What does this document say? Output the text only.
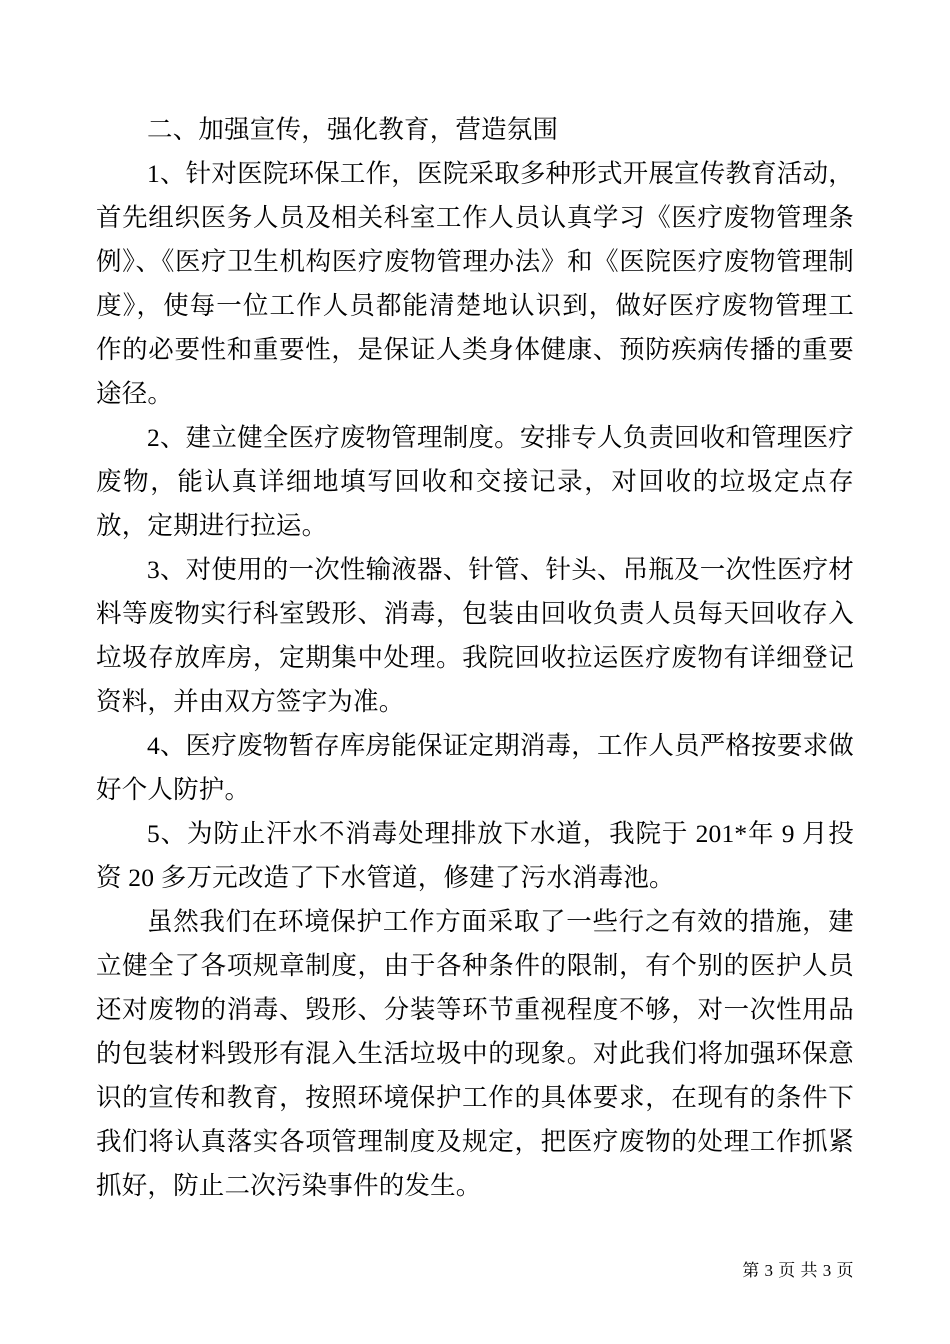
二、加强宣传，强化教育，营造氛围

1、针对医院环保工作，医院采取多种形式开展宣传教育活动，首先组织医务人员及相关科室工作人员认真学习《医疗废物管理条例》、《医疗卫生机构医疗废物管理办法》和《医院医疗废物管理制度》，使每一位工作人员都能清楚地认识到，做好医疗废物管理工作的必要性和重要性，是保证人类身体健康、预防疾病传播的重要途径。

2、建立健全医疗废物管理制度。安排专人负责回收和管理医疗废物，能认真详细地填写回收和交接记录，对回收的垃圾定点存放，定期进行拉运。

3、对使用的一次性输液器、针管、针头、吊瓶及一次性医疗材料等废物实行科室毁形、消毒，包装由回收负责人员每天回收存入垃圾存放库房，定期集中处理。我院回收拉运医疗废物有详细登记资料，并由双方签字为准。

4、医疗废物暂存库房能保证定期消毒，工作人员严格按要求做好个人防护。

5、为防止汗水不消毒处理排放下水道，我院于 201*年 9 月投资 20 多万元改造了下水管道，修建了污水消毒池。

虽然我们在环境保护工作方面采取了一些行之有效的措施，建立健全了各项规章制度，由于各种条件的限制，有个别的医护人员还对废物的消毒、毁形、分装等环节重视程度不够，对一次性用品的包装材料毁形有混入生活垃圾中的现象。对此我们将加强环保意识的宣传和教育，按照环境保护工作的具体要求，在现有的条件下我们将认真落实各项管理制度及规定，把医疗废物的处理工作抓紧抓好，防止二次污染事件的发生。

第 3 页 共 3 页
